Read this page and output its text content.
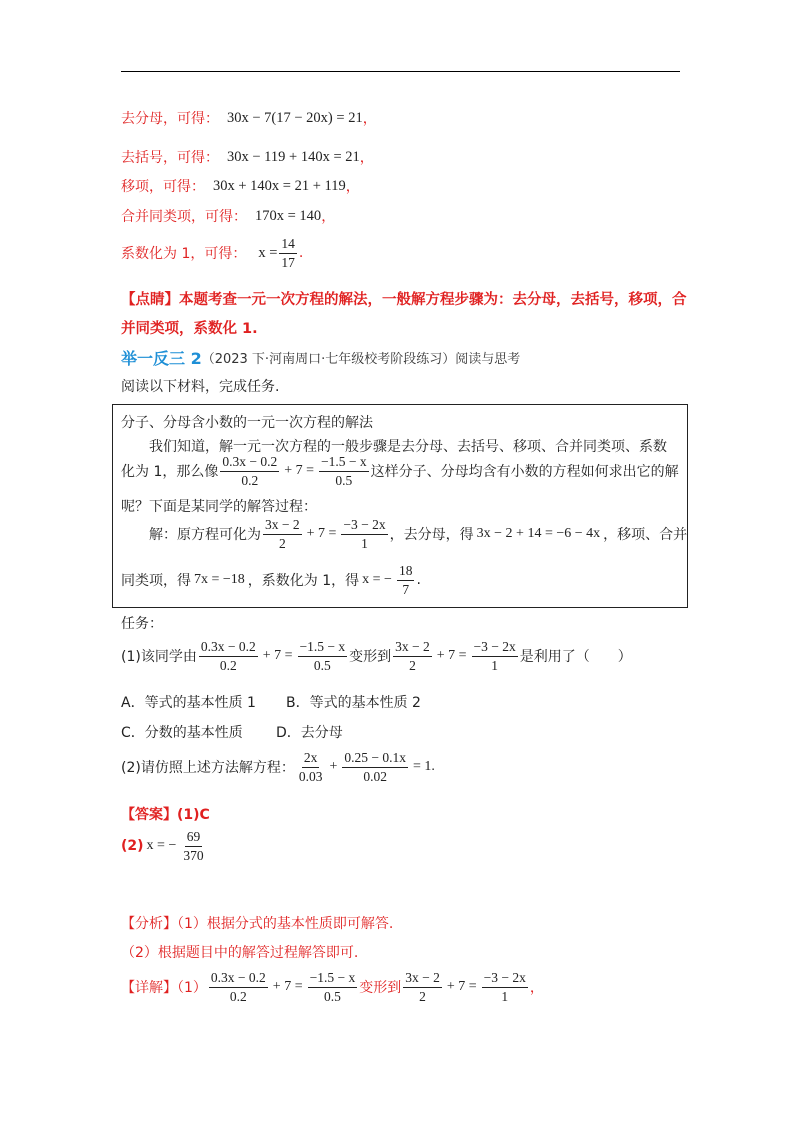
去分母，可得： 30x − 7(17 − 20x) = 21 ，
去括号，可得： 30x − 119 + 140x = 21 ，
移项，可得： 30x + 140x = 21 + 119 ，
合并同类项，可得： 170x = 140 ，
系数化为 1，可得： $x = \frac{14}{17}$ .
【点睛】本题考查一元一次方程的解法，一般解方程步骤为：去分母，去括号，移项，合
并同类项，系数化 1.
举一反三 2 （2023 下·河南周口·七年级校考阶段练习）阅读与思考
阅读以下材料，完成任务.
分子、分母含小数的一元一次方程的解法
我们知道，解一元一次方程的一般步骤是去分母、去括号、移项、合并同类项、系数
化为 1，那么像 $\frac{0.3x - 0.2}{0.2} + 7 = \frac{-1.5 - x}{0.5}$ 这样分子、分母均含有小数的方程如何求出它的解
呢？下面是某同学的解答过程：
解：原方程可化为 $\frac{3x - 2}{2} + 7 = \frac{-3 - 2x}{1}$ ，去分母，得 3x − 2 + 14 = −6 − 4x ，移项、合并
同类项，得 7x = −18 ，系数化为 1，得 x = − $\frac{18}{7}$ .
任务：
(1)该同学由 $\frac{0.3x - 0.2}{0.2} + 7 = \frac{-1.5 - x}{0.5}$ 变形到 $\frac{3x - 2}{2} + 7 = \frac{-3 - 2x}{1}$ 是利用了（　　）
A．等式的基本性质 1	B．等式的基本性质 2
C．分数的基本性质	D．去分母
(2)请仿照上述方法解方程： $\frac{2x}{0.03} + \frac{0.25 - 0.1x}{0.02} = 1$.
【答案】(1)C
(2) x = − $\frac{69}{370}$
【分析】（1）根据分式的基本性质即可解答.
（2）根据题目中的解答过程解答即可.
【详解】$(1) \frac{0.3x - 0.2}{0.2} + 7 = \frac{-1.5 - x}{0.5}$ 变形到 $\frac{3x - 2}{2} + 7 = \frac{-3 - 2x}{1}$ ，
